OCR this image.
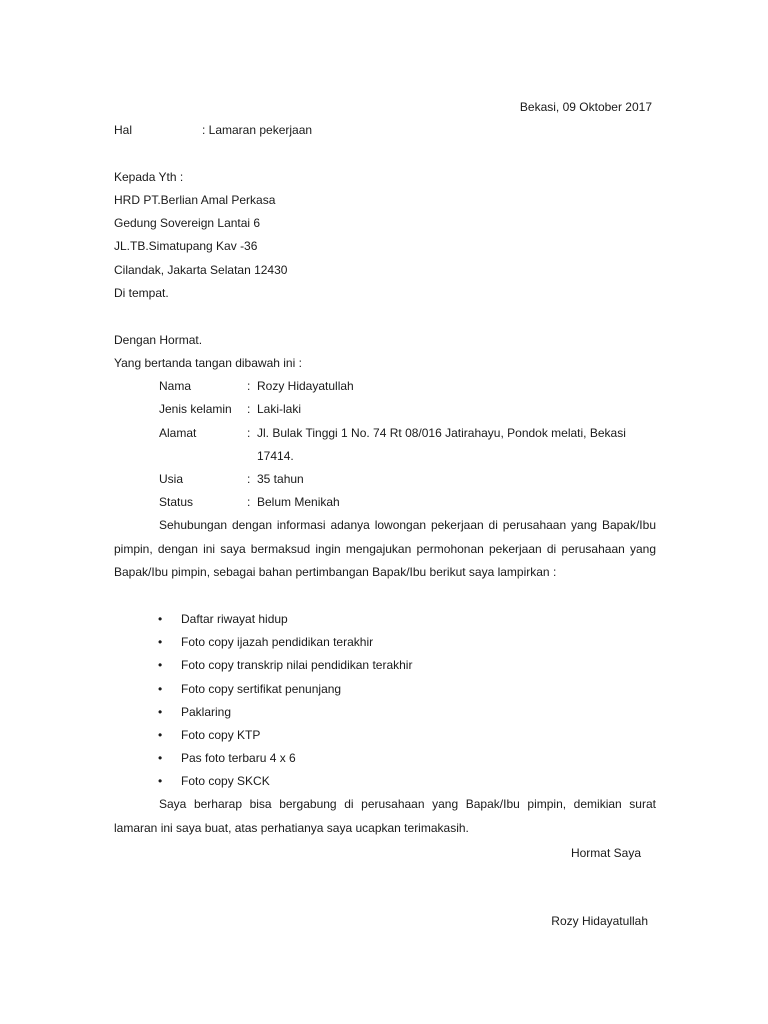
Bekasi, 09 Oktober 2017
Hal	: Lamaran pekerjaan
Kepada Yth :
HRD PT.Berlian Amal Perkasa
Gedung Sovereign Lantai 6
JL.TB.Simatupang Kav -36
Cilandak, Jakarta Selatan 12430
Di tempat.
Dengan Hormat.
Yang bertanda tangan dibawah ini :
Nama	: Rozy Hidayatullah
Jenis kelamin : Laki-laki
Alamat	: Jl. Bulak Tinggi 1 No. 74 Rt 08/016 Jatirahayu, Pondok melati, Bekasi
17414.
Usia	: 35 tahun
Status	: Belum Menikah
Sehubungan dengan informasi adanya lowongan pekerjaan di perusahaan yang Bapak/Ibu pimpin, dengan ini saya bermaksud ingin mengajukan permohonan pekerjaan di perusahaan yang Bapak/Ibu pimpin, sebagai bahan pertimbangan Bapak/Ibu berikut saya lampirkan :
• Daftar riwayat hidup
• Foto copy ijazah pendidikan terakhir
• Foto copy transkrip nilai pendidikan terakhir
• Foto copy sertifikat penunjang
• Paklaring
• Foto copy KTP
• Pas foto terbaru 4 x 6
• Foto copy SKCK
Saya berharap bisa bergabung di perusahaan yang Bapak/Ibu pimpin, demikian surat lamaran ini saya buat, atas perhatianya saya ucapkan terimakasih.
Hormat Saya
Rozy Hidayatullah
